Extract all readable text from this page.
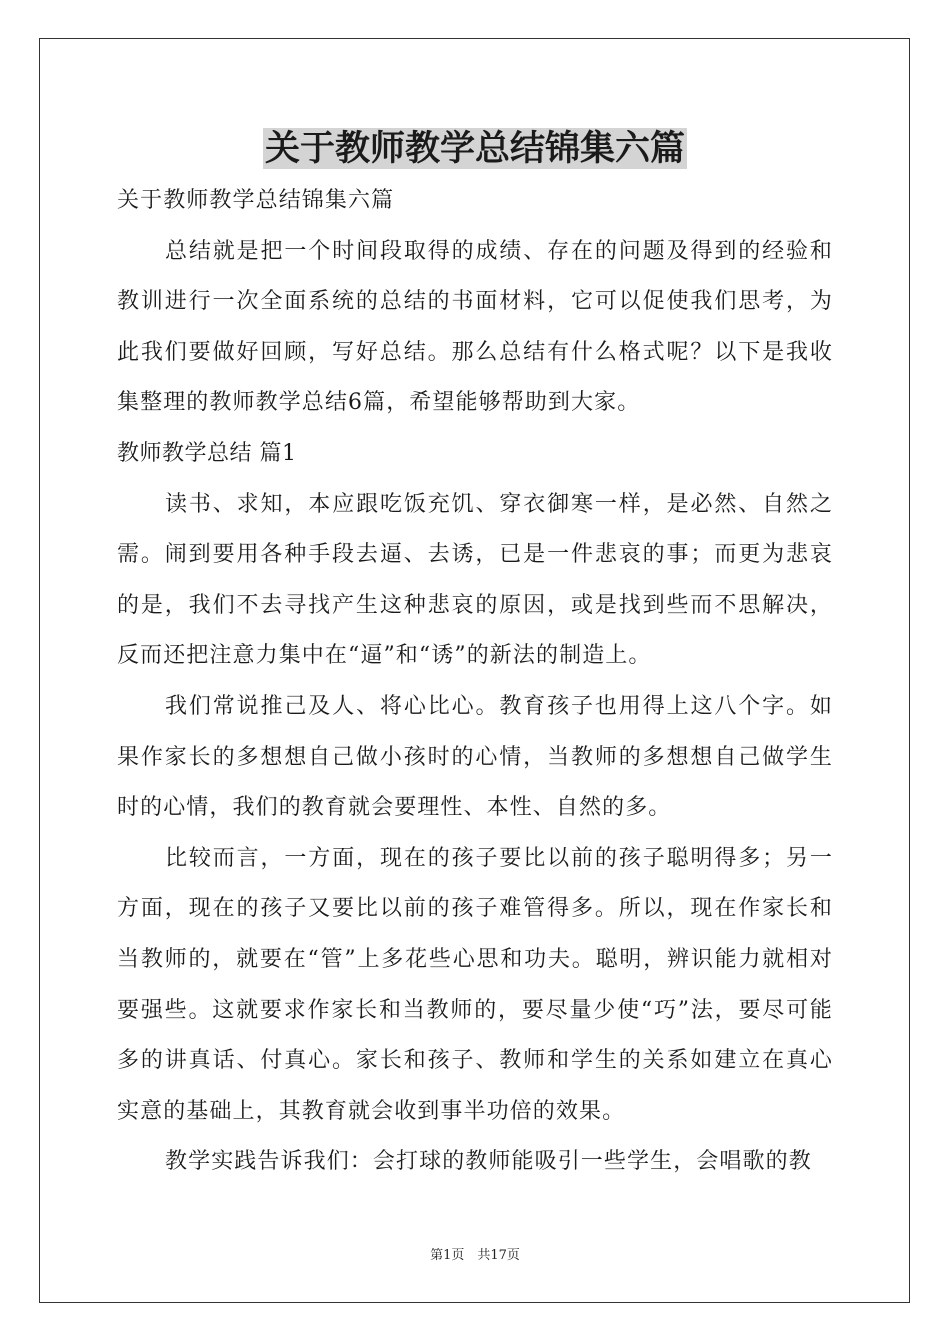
关于教师教学总结锦集六篇

关于教师教学总结锦集六篇

总结就是把一个时间段取得的成绩、存在的问题及得到的经验和教训进行一次全面系统的总结的书面材料，它可以促使我们思考，为此我们要做好回顾，写好总结。那么总结有什么格式呢？以下是我收集整理的教师教学总结6篇，希望能够帮助到大家。

教师教学总结 篇1

读书、求知，本应跟吃饭充饥、穿衣御寒一样，是必然、自然之需。闹到要用各种手段去逼、去诱，已是一件悲哀的事；而更为悲哀的是，我们不去寻找产生这种悲哀的原因，或是找到些而不思解决，反而还把注意力集中在“逼”和“诱”的新法的制造上。

我们常说推己及人、将心比心。教育孩子也用得上这八个字。如果作家长的多想想自己做小孩时的心情，当教师的多想想自己做学生时的心情，我们的教育就会要理性、本性、自然的多。

比较而言，一方面，现在的孩子要比以前的孩子聪明得多；另一方面，现在的孩子又要比以前的孩子难管得多。所以，现在作家长和当教师的，就要在“管”上多花些心思和功夫。聪明，辨识能力就相对要强些。这就要求作家长和当教师的，要尽量少使“巧”法，要尽可能多的讲真话、付真心。家长和孩子、教师和学生的关系如建立在真心实意的基础上，其教育就会收到事半功倍的效果。

教学实践告诉我们：会打球的教师能吸引一些学生，会唱歌的教

第1页　共17页
